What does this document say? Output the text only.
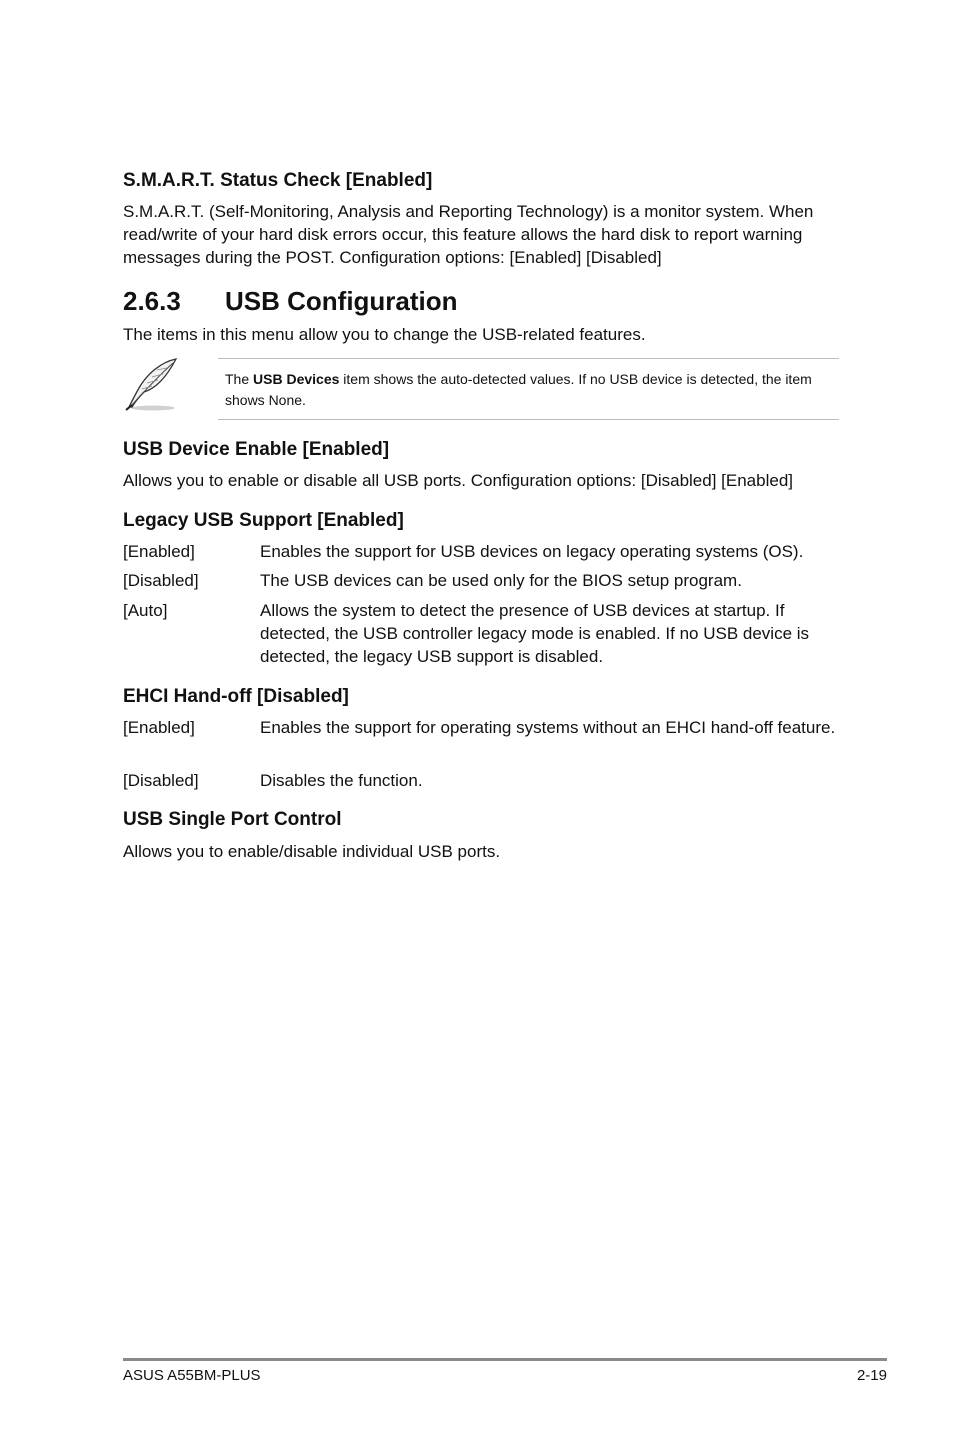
S.M.A.R.T. Status Check [Enabled]

S.M.A.R.T. (Self-Monitoring, Analysis and Reporting Technology) is a monitor system. When read/write of your hard disk errors occur, this feature allows the hard disk to report warning messages during the POST. Configuration options: [Enabled] [Disabled]

2.6.3 USB Configuration

The items in this menu allow you to change the USB-related features.

The USB Devices item shows the auto-detected values. If no USB device is detected, the item shows None.
USB Device Enable [Enabled]

Allows you to enable or disable all USB ports. Configuration options: [Disabled] [Enabled]

Legacy USB Support [Enabled]
[Enabled]	Enables the support for USB devices on legacy operating systems (OS).
[Disabled]	The USB devices can be used only for the BIOS setup program.
[Auto]	Allows the system to detect the presence of USB devices at startup. If detected, the USB controller legacy mode is enabled. If no USB device is detected, the legacy USB support is disabled.
EHCI Hand-off [Disabled]
[Enabled]	Enables the support for operating systems without an EHCI hand-off feature.
[Disabled]	Disables the function.
USB Single Port Control

Allows you to enable/disable individual USB ports.

ASUS A55BM-PLUS	2-19
